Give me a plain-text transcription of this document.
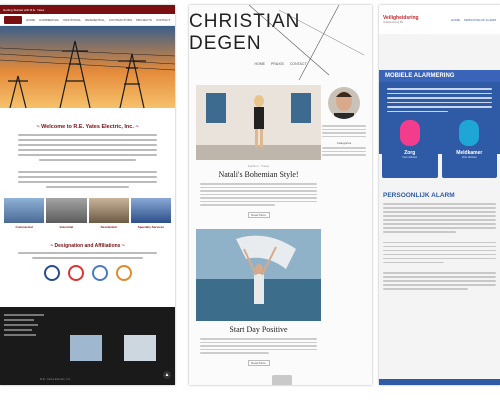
Getting Started with R.E. Yates
HOME COMMERCIAL INDUSTRIAL RESIDENTIAL CONTRACTORS PROJECTS CONTACT
~ Welcome to R.E. Yates Electric, Inc. ~
Commercial	Industrial	Residential	Specialty Services
~ Designation and Affiliations ~
R.E. Yates Electric, Inc.
▲
CHRISTIAN DEGEN
HOME PRAXIS CONTACT
Fashion · Travel
Natali's Bohemian Style!
Read More
Categories
Start Day Positive
Read More
Veiligheidsring
Veiligheidsring BV
HOME PERSOONLIJK ALARM
MOBIELE ALARMERING
Zorg
Voor cliënten
Meldkamer
Voor cliënten
PERSOONLIJK ALARM
